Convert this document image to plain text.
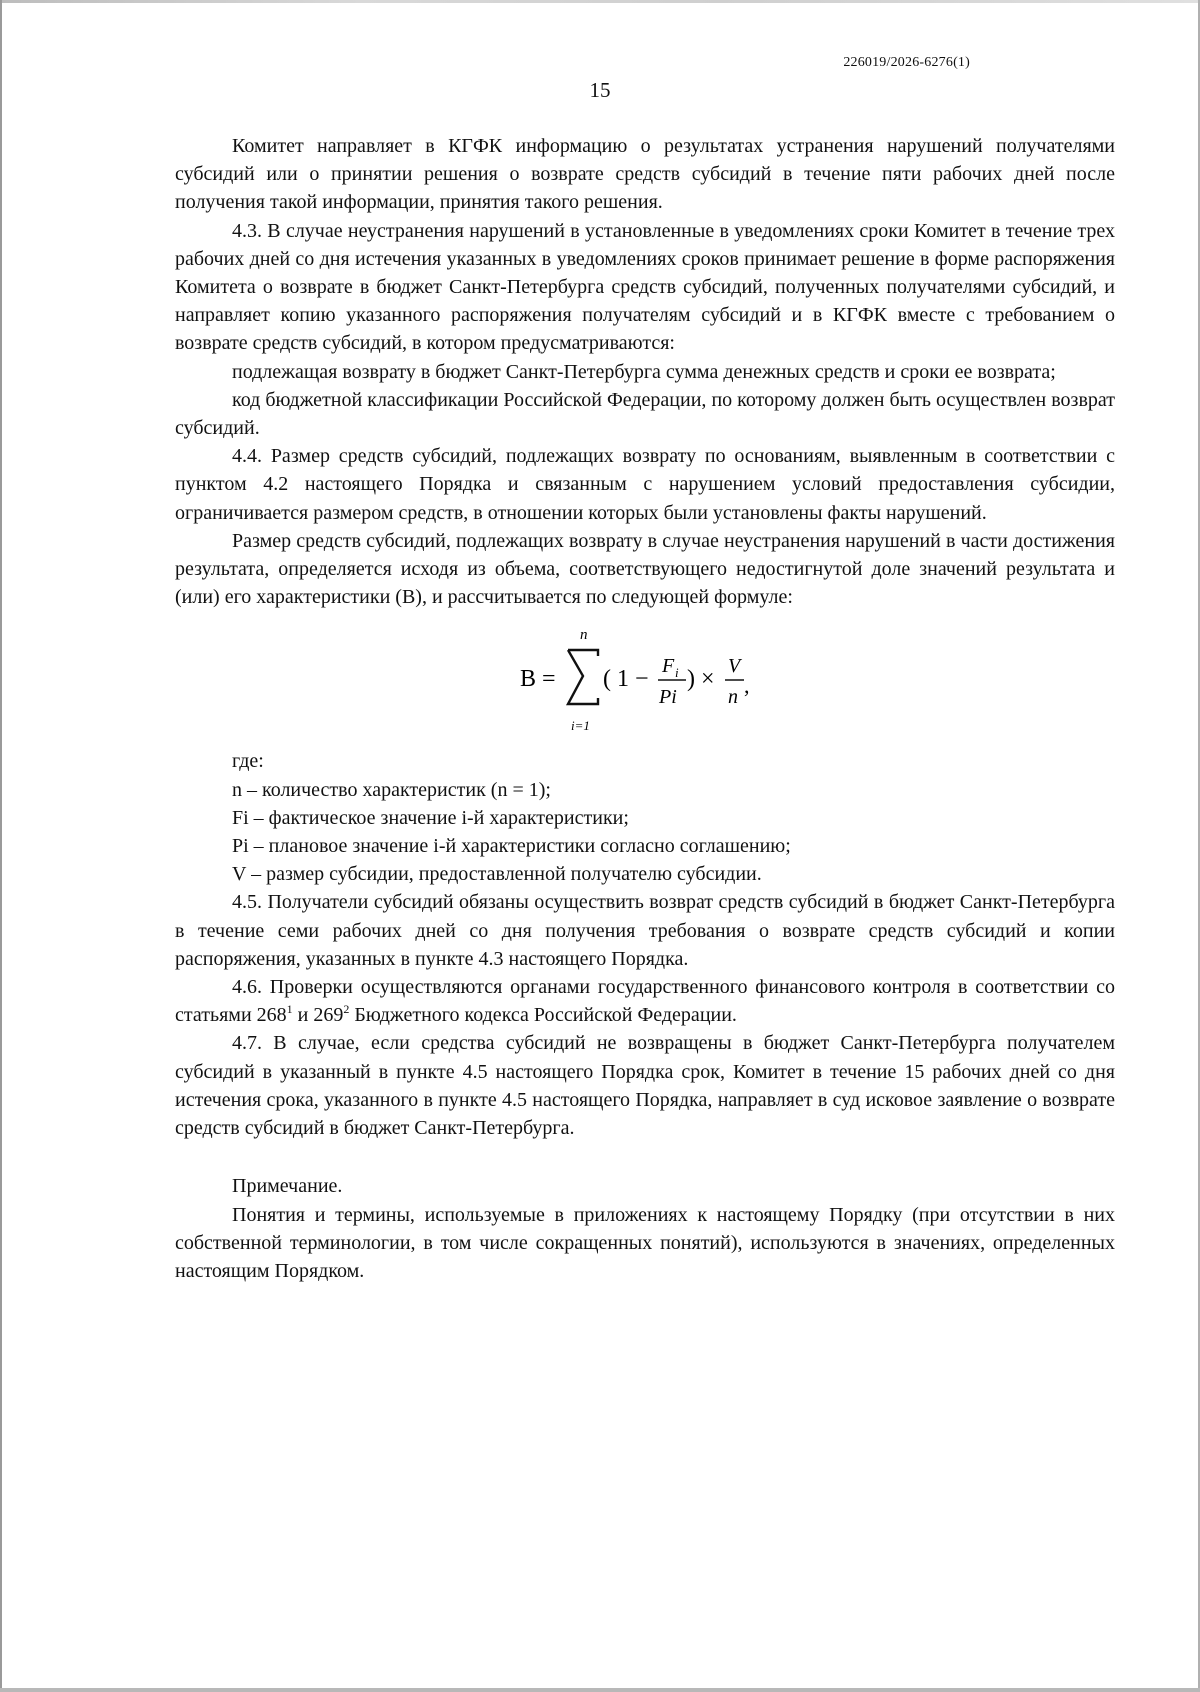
226019/2026-6276(1)
15

Комитет направляет в КГФК информацию о результатах устранения нарушений получателями субсидий или о принятии решения о возврате средств субсидий в течение пяти рабочих дней после получения такой информации, принятия такого решения.

4.3. В случае неустранения нарушений в установленные в уведомлениях сроки Комитет в течение трех рабочих дней со дня истечения указанных в уведомлениях сроков принимает решение в форме распоряжения Комитета о возврате в бюджет Санкт-Петербурга средств субсидий, полученных получателями субсидий, и направляет копию указанного распоряжения получателям субсидий и в КГФК вместе с требованием о возврате средств субсидий, в котором предусматриваются:

подлежащая возврату в бюджет Санкт-Петербурга сумма денежных средств и сроки ее возврата;

код бюджетной классификации Российской Федерации, по которому должен быть осуществлен возврат субсидий.

4.4. Размер средств субсидий, подлежащих возврату по основаниям, выявленным в соответствии с пунктом 4.2 настоящего Порядка и связанным с нарушением условий предоставления субсидии, ограничивается размером средств, в отношении которых были установлены факты нарушений.

Размер средств субсидий, подлежащих возврату в случае неустранения нарушений в части достижения результата, определяется исходя из объема, соответствующего недостигнутой доле значений результата и (или) его характеристики (В), и рассчитывается по следующей формуле:

В =
n
i=1
( 1 − F i
Pi
) × V
n ,

где:

n – количество характеристик (n = 1);

Fi – фактическое значение i-й характеристики;

Pi – плановое значение i-й характеристики согласно соглашению;

V – размер субсидии, предоставленной получателю субсидии.

4.5. Получатели субсидий обязаны осуществить возврат средств субсидий в бюджет Санкт-Петербурга в течение семи рабочих дней со дня получения требования о возврате средств субсидий и копии распоряжения, указанных в пункте 4.3 настоящего Порядка.

4.6. Проверки осуществляются органами государственного финансового контроля в соответствии со статьями $268^1$ и $269^2$ Бюджетного кодекса Российской Федерации.

4.7. В случае, если средства субсидий не возвращены в бюджет Санкт-Петербурга получателем субсидий в указанный в пункте 4.5 настоящего Порядка срок, Комитет в течение 15 рабочих дней со дня истечения срока, указанного в пункте 4.5 настоящего Порядка, направляет в суд исковое заявление о возврате средств субсидий в бюджет Санкт-Петербурга.

Примечание.

Понятия и термины, используемые в приложениях к настоящему Порядку (при отсутствии в них собственной терминологии, в том числе сокращенных понятий), используются в значениях, определенных настоящим Порядком.
